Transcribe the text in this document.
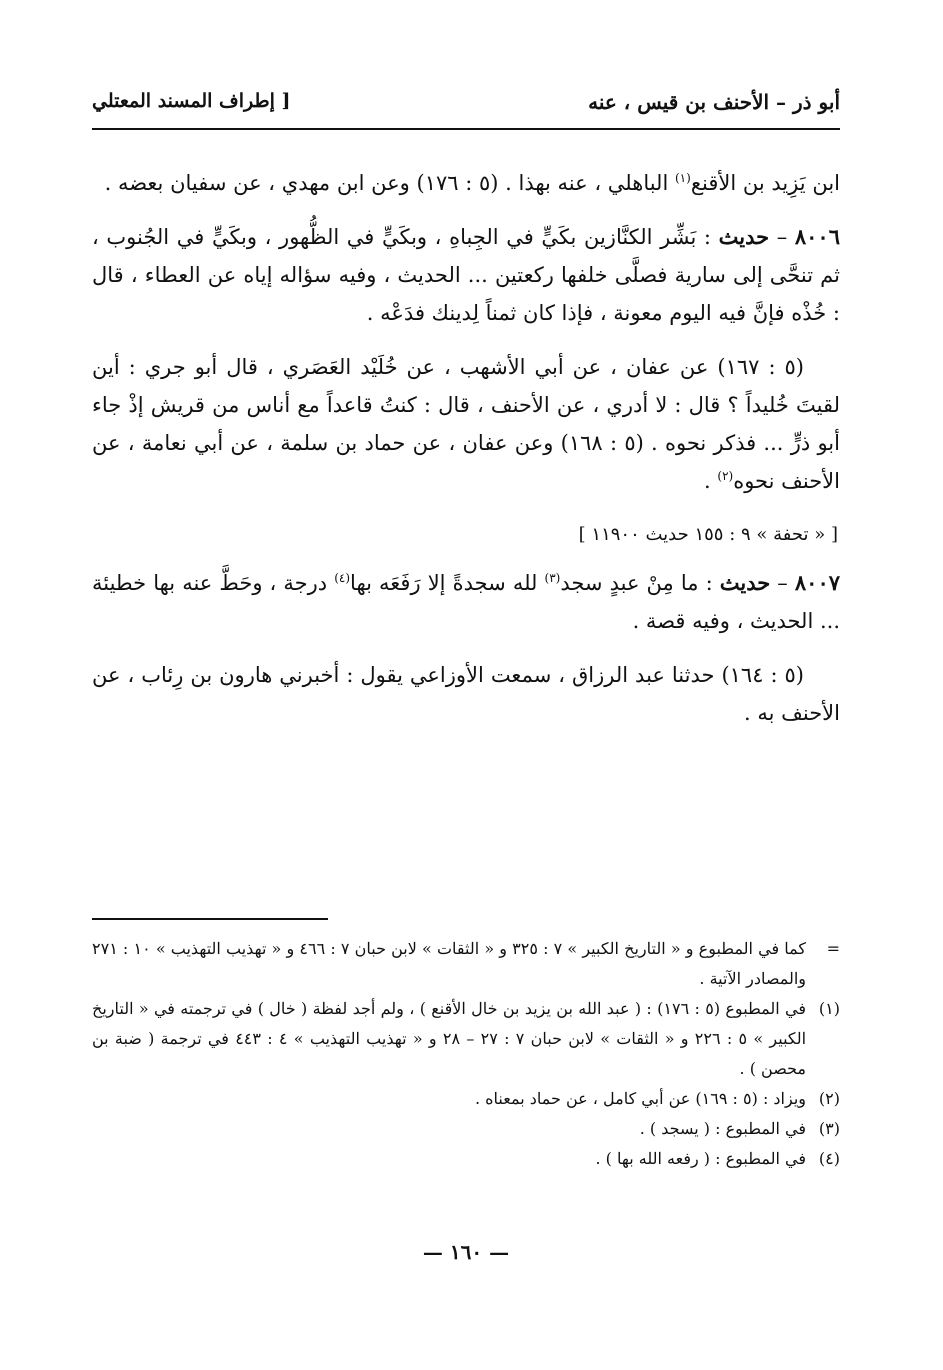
أبو ذر – الأحنف بن قيس ، عنه
[ إطراف المسند المعتلي

ابن يَزِيد بن الأقنع$^{(١)}$ الباهلي ، عنه بهذا . (٥ : ١٧٦) وعن ابن مهدي ، عن سفيان بعضه .

٨٠٠٦ – حديث : بَشِّر الكنَّازين بكَيٍّ في الجِباهِ ، وبكَيٍّ في الظُّهور ، وبكَيٍّ في الجُنوب ، ثم تنحَّى إلى سارية فصلَّى خلفها ركعتين ... الحديث ، وفيه سؤاله إياه عن العطاء ، قال : خُذْه فإنَّ فيه اليوم معونة ، فإذا كان ثمناً لِدينك فدَعْه .

(٥ : ١٦٧) عن عفان ، عن أبي الأشهب ، عن خُلَيْد العَصَري ، قال أبو جري : أين لقيتَ خُليداً ؟ قال : لا أدري ، عن الأحنف ، قال : كنتُ قاعداً مع أناس من قريش إذْ جاء أبو ذرٍّ ... فذكر نحوه . (٥ : ١٦٨) وعن عفان ، عن حماد بن سلمة ، عن أبي نعامة ، عن الأحنف نحوه$^{(٢)}$ .

[ « تحفة » ٩ : ١٥٥ حديث ١١٩٠٠ ]

٨٠٠٧ – حديث : ما مِنْ عبدٍ سجد$^{(٣)}$ لله سجدةً إلا رَفَعَه بها$^{(٤)}$ درجة ، وحَطَّ عنه بها خطيئة ... الحديث ، وفيه قصة .

(٥ : ١٦٤) حدثنا عبد الرزاق ، سمعت الأوزاعي يقول : أخبرني هارون بن رِئاب ، عن الأحنف به .

=
كما في المطبوع و « التاريخ الكبير » ٧ : ٣٢٥ و « الثقات » لابن حبان ٧ : ٤٦٦ و « تهذيب التهذيب » ١٠ : ٢٧١ والمصادر الآتية .
(١)
في المطبوع (٥ : ١٧٦) : ( عبد الله بن يزيد بن خال الأقنع ) ، ولم أجد لفظة ( خال ) في ترجمته في « التاريخ الكبير » ٥ : ٢٢٦ و « الثقات » لابن حبان ٧ : ٢٧ – ٢٨ و « تهذيب التهذيب » ٤ : ٤٤٣ في ترجمة ( ضبة بن محصن ) .
(٢)
ويزاد : (٥ : ١٦٩) عن أبي كامل ، عن حماد بمعناه .
(٣)
في المطبوع : ( يسجد ) .
(٤)
في المطبوع : ( رفعه الله بها ) .
— ١٦٠ —
